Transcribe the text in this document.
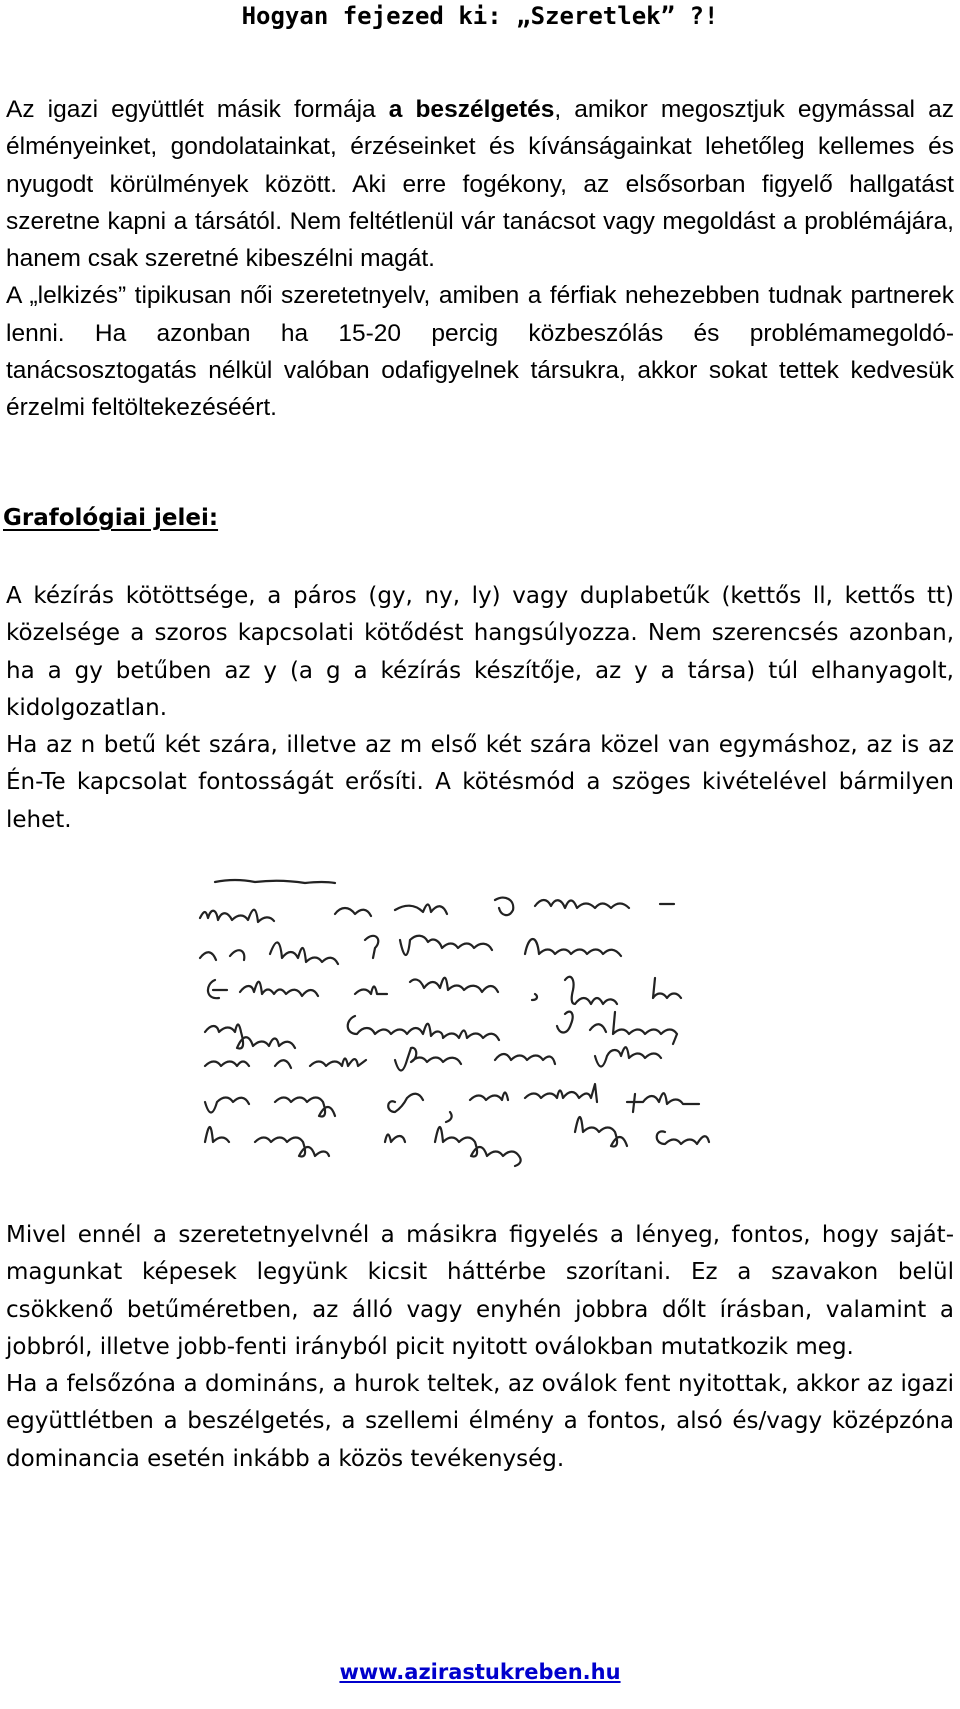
Hogyan fejezed ki: „Szeretlek” ?!

Az igazi együttlét másik formája a beszélgetés, amikor megosztjuk egymással az élményeinket, gondolatainkat, érzéseinket és kívánságainkat lehetőleg kellemes és nyugodt körülmények között. Aki erre fogékony, az elsősorban figyelő hallgatást szeretne kapni a társától. Nem feltétlenül vár tanácsot vagy megoldást a problémájára, hanem csak szeretné kibeszélni magát.

A „lelkizés” tipikusan női szeretetnyelv, amiben a férfiak nehezebben tudnak partnerek lenni. Ha azonban ha 15-20 percig közbeszólás és problémamegoldó-tanácsosztogatás nélkül valóban odafigyelnek társukra, akkor sokat tettek kedvesük érzelmi feltöltekezéséért.

Grafológiai jelei:

A kézírás kötöttsége, a páros (gy, ny, ly) vagy duplabetűk (kettős ll, kettős tt) közelsége a szoros kapcsolati kötődést hangsúlyozza. Nem szerencsés azonban, ha a gy betűben az y (a g a kézírás készítője, az y a társa) túl elhanyagolt, kidolgozatlan.

Ha az n betű két szára, illetve az m első két szára közel van egymáshoz, az is az Én-Te kapcsolat fontosságát erősíti. A kötésmód a szöges kivételével bármilyen lehet.

Mivel ennél a szeretetnyelvnél a másikra figyelés a lényeg, fontos, hogy saját-magunkat képesek legyünk kicsit háttérbe szorítani. Ez a szavakon belül csökkenő betűméretben, az álló vagy enyhén jobbra dőlt írásban, valamint a jobbról, illetve jobb-fenti irányból picit nyitott oválokban mutatkozik meg.

Ha a felsőzóna a domináns, a hurok teltek, az oválok fent nyitottak, akkor az igazi együttlétben a beszélgetés, a szellemi élmény a fontos, alsó és/vagy középzóna dominancia esetén inkább a közös tevékenység.

www.azirastukreben.hu
